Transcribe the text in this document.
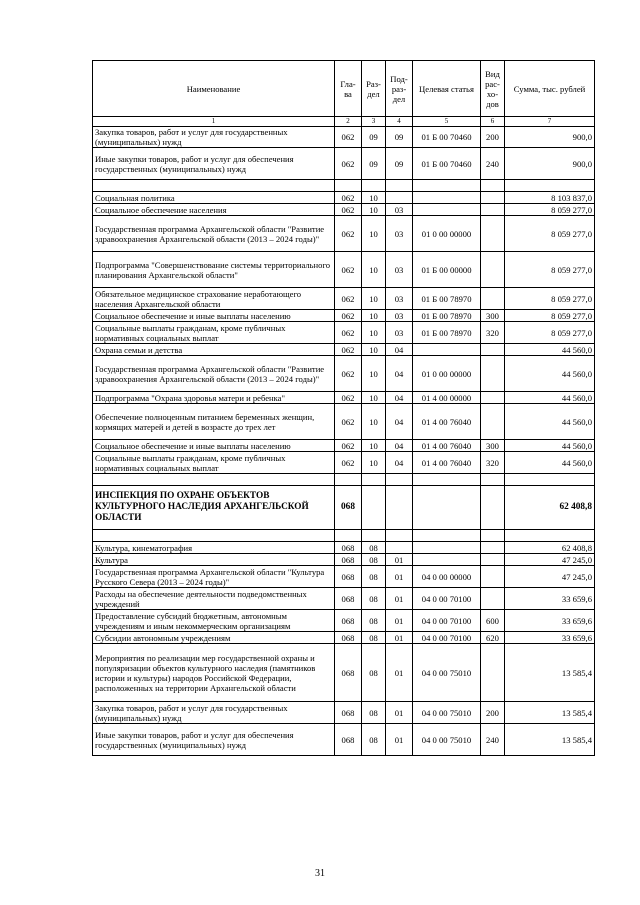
Наименование	Гла-ва	Раз-дел	Под-раз-дел	Целевая статья	Вид рас-хо-дов	Сумма, тыс. рублей
1	2	3	4	5	6	7
Закупка товаров, работ и услуг для государственных (муниципальных) нужд	062	09	09	01 Б 00 70460	200	900,0
Иные закупки товаров, работ и услуг для обеспечения государственных (муниципальных) нужд	062	09	09	01 Б 00 70460	240	900,0

Социальная политика	062	10				8 103 837,0
Социальное обеспечение населения	062	10	03			8 059 277,0
Государственная программа Архангельской области "Развитие здравоохранения Архангельской области (2013 – 2024 годы)"	062	10	03	01 0 00 00000		8 059 277,0
Подпрограмма "Совершенствование системы территориального планирования Архангельской области"	062	10	03	01 Б 00 00000		8 059 277,0
Обязательное медицинское страхование неработающего населения Архангельской области	062	10	03	01 Б 00 78970		8 059 277,0
Социальное обеспечение и иные выплаты населению	062	10	03	01 Б 00 78970	300	8 059 277,0
Социальные выплаты гражданам, кроме публичных нормативных социальных выплат	062	10	03	01 Б 00 78970	320	8 059 277,0
Охрана семьи и детства	062	10	04			44 560,0
Государственная программа Архангельской области "Развитие здравоохранения Архангельской области (2013 – 2024 годы)"	062	10	04	01 0 00 00000		44 560,0
Подпрограмма "Охрана здоровья матери и ребенка"	062	10	04	01 4 00 00000		44 560,0
Обеспечение полноценным питанием беременных женщин, кормящих матерей и детей в возрасте до трех лет	062	10	04	01 4 00 76040		44 560,0
Социальное обеспечение и иные выплаты населению	062	10	04	01 4 00 76040	300	44 560,0
Социальные выплаты гражданам, кроме публичных нормативных социальных выплат	062	10	04	01 4 00 76040	320	44 560,0

ИНСПЕКЦИЯ ПО ОХРАНЕ ОБЪЕКТОВ КУЛЬТУРНОГО НАСЛЕДИЯ АРХАНГЕЛЬСКОЙ ОБЛАСТИ	068					62 408,8

Культура, кинематография	068	08				62 408,8
Культура	068	08	01			47 245,0
Государственная программа Архангельской области "Культура Русского Севера (2013 – 2024 годы)"	068	08	01	04 0 00 00000		47 245,0
Расходы на обеспечение деятельности подведомственных учреждений	068	08	01	04 0 00 70100		33 659,6
Предоставление субсидий бюджетным, автономным учреждениям и иным некоммерческим организациям	068	08	01	04 0 00 70100	600	33 659,6
Субсидии автономным учреждениям	068	08	01	04 0 00 70100	620	33 659,6
Мероприятия по реализации мер государственной охраны и популяризации объектов культурного наследия (памятников истории и культуры) народов Российской Федерации, расположенных на территории Архангельской области	068	08	01	04 0 00 75010		13 585,4
Закупка товаров, работ и услуг для государственных (муниципальных) нужд	068	08	01	04 0 00 75010	200	13 585,4
Иные закупки товаров, работ и услуг для обеспечения государственных (муниципальных) нужд	068	08	01	04 0 00 75010	240	13 585,4
31
